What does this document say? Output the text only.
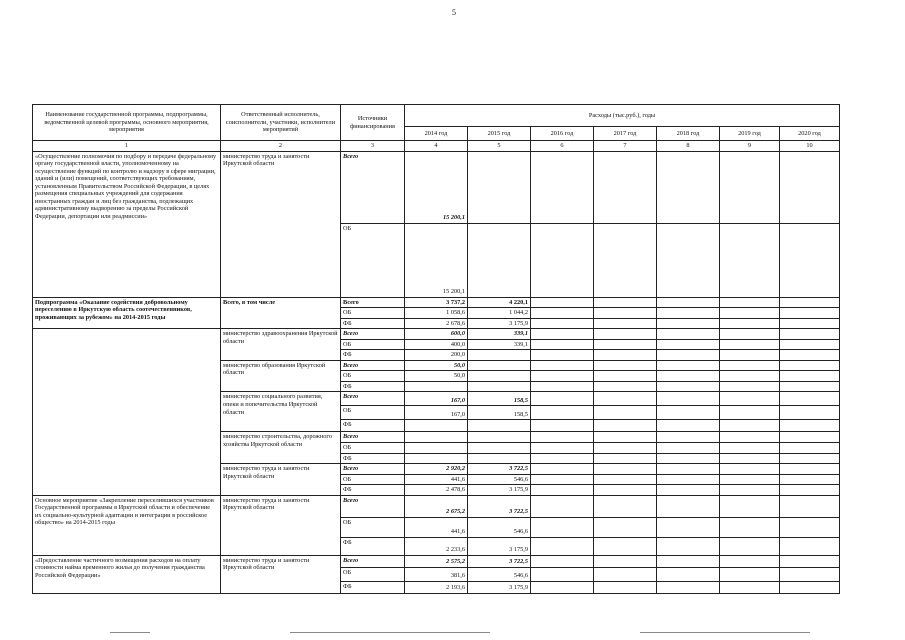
5
Наименование государственной программы, подпрограммы, ведомственной целевой программы, основного мероприятия, мероприятия	Ответственный исполнитель, соисполнители, участники, исполнители мероприятий	Источники финансирования	Расходы (тыс.руб.), годы						
			2014 год	2015 год	2016 год	2017 год	2018 год	2019 год	2020 год
1	2	3	4	5	6	7	8	9	10
«Осуществление полномочия по подбору и передаче федеральному органу государственной власти, уполномоченному на осуществление функций по контролю и надзору в сфере миграции, зданий и (или) помещений, соответствующих требованиям, установленным Правительством Российской Федерации, в целях размещения специальных учреждений для содержания иностранных граждан и лиц без гражданства, подлежащих административному выдворению за пределы Российской Федерации, депортации или реадмиссии»	министерство труда и занятости Иркутской области	Всего	15 200,1						
		ОБ	15 200,1						
Подпрограмма «Оказание содействия добровольному переселению в Иркутскую область соотечественников, проживающих за рубежом» на 2014-2015 годы	Всего, в том числе	Всего	3 737,2	4 220,1					
		ОБ	1 058,6	1 044,2					
		ФБ	2 678,6	3 175,9					
	министерство здравоохранения Иркутской области	Всего	600,0	339,1					
		ОБ	400,0	339,1					
		ФБ	200,0						
	министерство образования Иркутской области	Всего	50,0						
		ОБ	50,0						
		ФБ							
	министерство социального развития, опеки и попечительства Иркутской области	Всего	167,0	158,5					
		ОБ	167,0	158,5					
		ФБ							
	министерство строительства, дорожного хозяйства Иркутской области	Всего							
		ОБ							
		ФБ							
	министерство труда и занятости Иркутской области	Всего	2 920,2	3 722,5					
		ОБ	441,6	546,6					
		ФБ	2 478,6	3 175,9					
Основное мероприятие «Закрепление переселившихся участников Государственной программы в Иркутской области и обеспечение их социально-культурной адаптации и интеграции в российское общество» на 2014-2015 годы	министерство труда и занятости Иркутской области	Всего	2 675,2	3 722,5					
		ОБ	441,6	546,6					
		ФБ	2 233,6	3 175,9					
«Предоставление частичного возмещения расходов на оплату стоимости найма временного жилья до получения гражданства Российской Федерации»	министерство труда и занятости Иркутской области	Всего	2 575,2	3 722,5					
		ОБ	381,6	546,6					
		ФБ	2 193,6	3 175,9					
